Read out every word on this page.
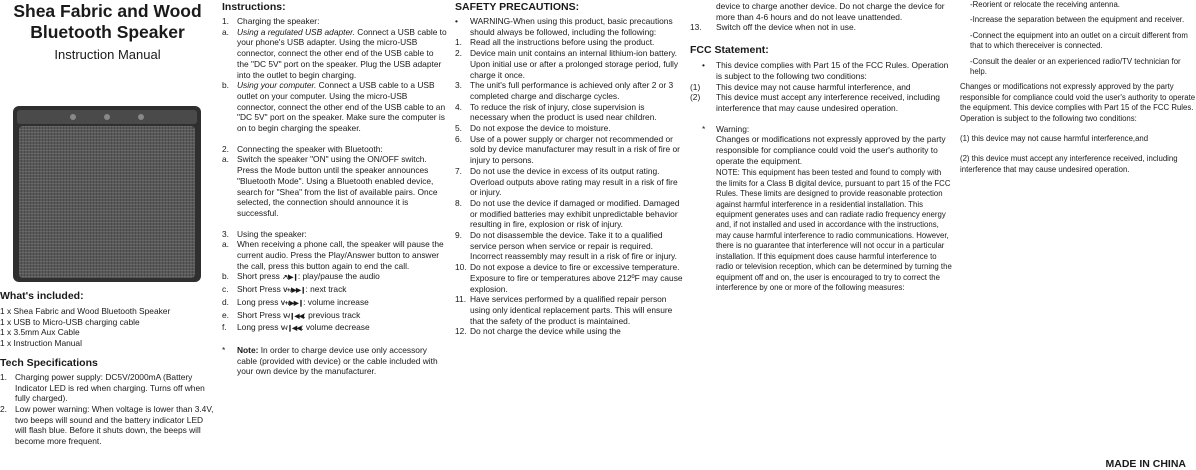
Shea Fabric and Wood

Bluetooth Speaker

Instruction Manual
What's included:
1 x Shea Fabric and Wood Bluetooth Speaker
1 x USB to Micro-USB charging cable
1 x 3.5mm Aux Cable
1 x Instruction Manual
Tech Specifications
1. Charging power supply: DC5V/2000mA (Battery Indicator LED is red when charging. Turns off when fully charged).
2. Low power warning: When voltage is lower than 3.4V, two beeps will sound and the battery indicator LED will flash blue. Before it shuts down, the beeps will become more frequent.
Instructions:
1. Charging the speaker:
a. Using a regulated USB adapter. Connect a USB cable to your phone's USB adapter. Using the micro-USB connector, connect the other end of the USB cable to the "DC 5V" port on the speaker. Plug the USB adapter into the outlet to begin charging.
b. Using your computer. Connect a USB cable to a USB outlet on your computer. Using the micro-USB connector, connect the other end of the USB cable to an "DC 5V" port on the speaker. Make sure the computer is on to begin charging the speaker.
2. Connecting the speaker with Bluetooth:
a. Switch the speaker "ON" using the ON/OFF switch. Press the Mode button until the speaker announces "Bluetooth Mode". Using a Bluetooth enabled device, search for "Shea" from the list of available pairs. Once selected, the connection should announce it is successful.
3. Using the speaker:
a. When receiving a phone call, the speaker will pause the current audio. Press the Play/Answer button to answer the call, press this button again to end the call.
b. Short press ↗/▶❙: play/pause the audio
c.	Short Press V+/▶▶❙: next track
d. Long press V+/▶▶❙: volume increase
e. Short Press V-/❙◀◀: previous track
f.	Long press V-/❙◀◀: volume decrease
*	Note: In order to charge device use only accessory cable (provided with device) or the cable included with your own device by the manufacturer.
SAFETY PRECAUTIONS:
•	WARNING-When using this product, basic precautions should always be followed, including the following:
1. Read all the instructions before using the product.
2. Device main unit contains an internal lithium-ion battery. Upon initial use or after a prolonged storage period, fully charge it once.
3. The unit's full performance is achieved only after 2 or 3 completed charge and discharge cycles.
4. To reduce the risk of injury, close supervision is necessary when the product is used near children.
5. Do not expose the device to moisture.
6. Use of a power supply or charger not recommended or sold by device manufacturer may result in a risk of fire or injury to persons.
7. Do not use the device in excess of its output rating. Overload outputs above rating may result in a risk of fire or injury.
8. Do not use the device if damaged or modified. Damaged or modified batteries may exhibit unpredictable behavior resulting in fire, explosion or risk of injury.
9. Do not disassemble the device. Take it to a qualified service person when service or repair is required. Incorrect reassembly may result in a risk of fire or injury.
10. Do not expose a device to fire or excessive temperature. Exposure to fire or temperatures above 212ºF may cause explosion.
11. Have services performed by a qualified repair person using only identical replacement parts. This will ensure that the safety of the product is maintained.
12. Do not charge the device while using the
device to charge another device. Do not charge the device for more than 4-6 hours and do not leave unattended.
13.	Switch off the device when not in use.
FCC Statement:
•	This device complies with Part 15 of the FCC Rules. Operation is subject to the following two conditions:
(1)	This device may not cause harmful interference, and
(2)	This device must accept any interference received, including interference that may cause undesired operation.
*	Warning:
Changes or modifications not expressly approved by the party responsible for compliance could void the user's authority to operate the equipment.
NOTE: This equipment has been tested and found to comply with the limits for a Class B digital device, pursuant to part 15 of the FCC Rules. These limits are designed to provide reasonable protection against harmful interference in a residential installation. This equipment generates uses and can radiate radio frequency energy and, if not installed and used in accordance with the instructions, may cause harmful interference to radio communications. However, there is no guarantee that interference will not occur in a particular installation. If this equipment does cause harmful interference to radio or television reception, which can be determined by turning the equipment off and on, the user is encouraged to try to correct the interference by one or more of the following measures:
-Reorient or relocate the receiving antenna.
-Increase the separation between the equipment and receiver.
-Connect the equipment into an outlet on a circuit different from that to which thereceiver is connected.
-Consult the dealer or an experienced radio/TV technician for help.
Changes or modifications not expressly approved by the party responsible for compliance could void the user's authority to operate the equipment. This device complies with Part 15 of the FCC Rules. Operation is subject to the following two conditions:
(1) this device may not cause harmful interference,and
(2) this device must accept any interference received, including interference that may cause undesired operation.
MADE IN CHINA
